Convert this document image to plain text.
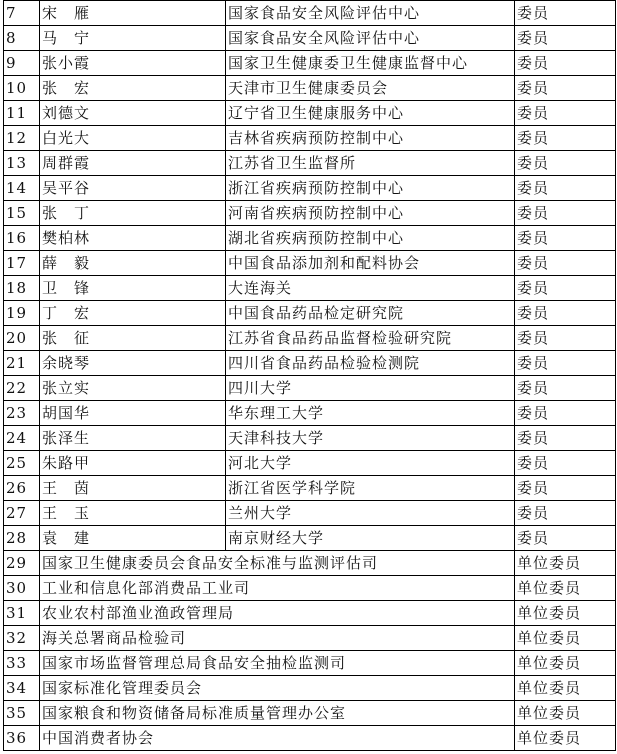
7	宋　雁	国家食品安全风险评估中心	委员
8	马　宁	国家食品安全风险评估中心	委员
9	张小霞	国家卫生健康委卫生健康监督中心	委员
10	张　宏	天津市卫生健康委员会	委员
11	刘德文	辽宁省卫生健康服务中心	委员
12	白光大	吉林省疾病预防控制中心	委员
13	周群霞	江苏省卫生监督所	委员
14	吴平谷	浙江省疾病预防控制中心	委员
15	张　丁	河南省疾病预防控制中心	委员
16	樊柏林	湖北省疾病预防控制中心	委员
17	薛　毅	中国食品添加剂和配料协会	委员
18	卫　锋	大连海关	委员
19	丁　宏	中国食品药品检定研究院	委员
20	张　征	江苏省食品药品监督检验研究院	委员
21	余晓琴	四川省食品药品检验检测院	委员
22	张立实	四川大学	委员
23	胡国华	华东理工大学	委员
24	张泽生	天津科技大学	委员
25	朱路甲	河北大学	委员
26	王　茵	浙江省医学科学院	委员
27	王　玉	兰州大学	委员
28	袁　建	南京财经大学	委员
29	国家卫生健康委员会食品安全标准与监测评估司		单位委员
30	工业和信息化部消费品工业司		单位委员
31	农业农村部渔业渔政管理局		单位委员
32	海关总署商品检验司		单位委员
33	国家市场监督管理总局食品安全抽检监测司		单位委员
34	国家标准化管理委员会		单位委员
35	国家粮食和物资储备局标准质量管理办公室		单位委员
36	中国消费者协会		单位委员
